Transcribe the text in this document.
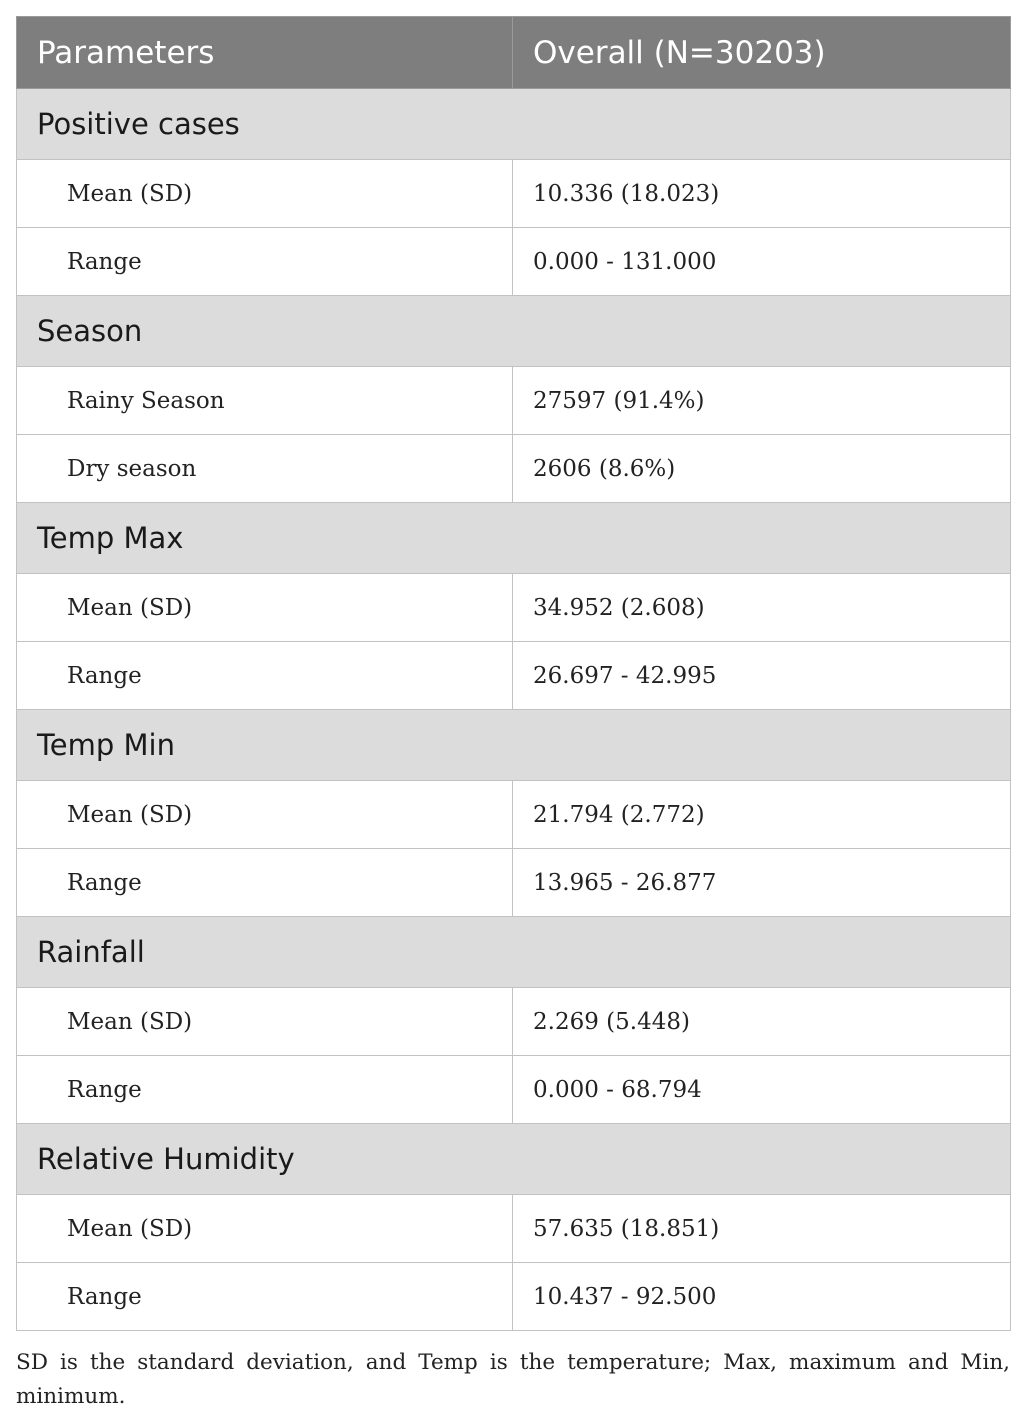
Parameters	Overall (N=30203)
Positive cases	
Mean (SD)	10.336 (18.023)
Range	0.000 - 131.000
Season	
Rainy Season	27597 (91.4%)
Dry season	2606 (8.6%)
Temp Max	
Mean (SD)	34.952 (2.608)
Range	26.697 - 42.995
Temp Min	
Mean (SD)	21.794 (2.772)
Range	13.965 - 26.877
Rainfall	
Mean (SD)	2.269 (5.448)
Range	0.000 - 68.794
Relative Humidity	
Mean (SD)	57.635 (18.851)
Range	10.437 - 92.500
SD is the standard deviation, and Temp is the temperature; Max, maximum and Min, minimum.
